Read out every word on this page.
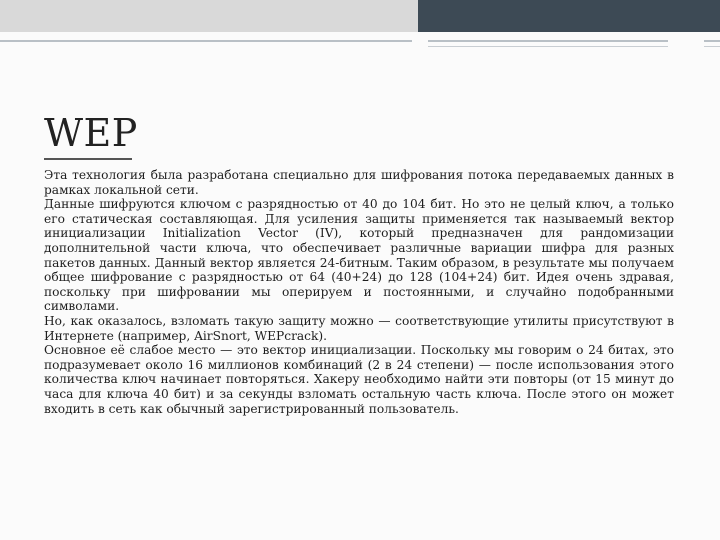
WEP

Эта технология была разработана специально для шифрования потока передаваемых данных в рамках локальной сети.

Данные шифруются ключом с разрядностью от 40 до 104 бит. Но это не целый ключ, а только его статическая составляющая. Для усиления защиты применяется так называемый вектор инициализации Initialization Vector (IV), который предназначен для рандомизации дополнительной части ключа, что обеспечивает различные вариации шифра для разных пакетов данных. Данный вектор является 24-битным. Таким образом, в результате мы получаем общее шифрование с разрядностью от 64 (40+24) до 128 (104+24) бит. Идея очень здравая, поскольку при шифровании мы оперируем и постоянными, и случайно подобранными символами.

Но, как оказалось, взломать такую защиту можно — соответствующие утилиты присутствуют в Интернете (например, AirSnort, WEPcrack).

Основное её слабое место — это вектор инициализации. Поскольку мы говорим о 24 битах, это подразумевает около 16 миллионов комбинаций (2 в 24 степени) — после использования этого количества ключ начинает повторяться. Хакеру необходимо найти эти повторы (от 15 минут до часа для ключа 40 бит) и за секунды взломать остальную часть ключа. После этого он может входить в сеть как обычный зарегистрированный пользователь.
